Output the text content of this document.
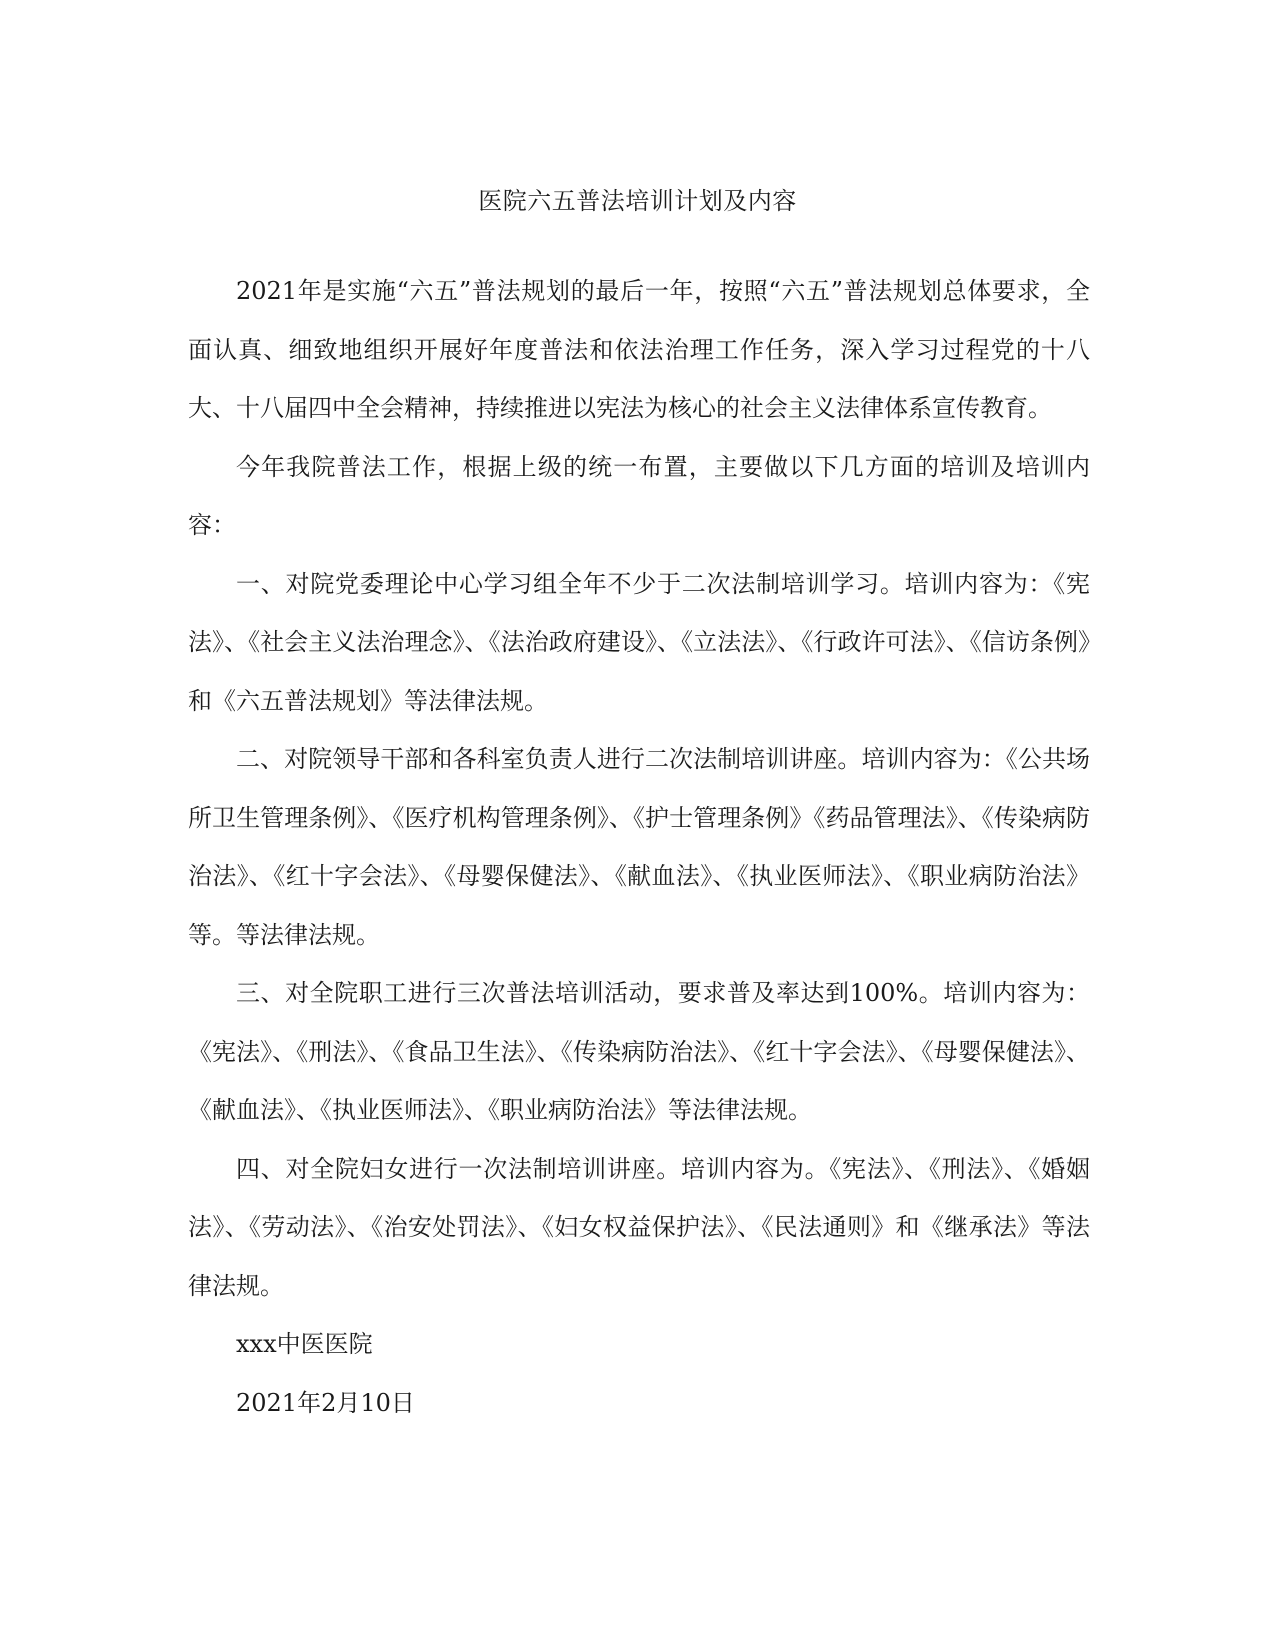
医院六五普法培训计划及内容

2021年是实施“六五”普法规划的最后一年，按照“六五”普法规划总体要求，全面认真、细致地组织开展好年度普法和依法治理工作任务，深入学习过程党的十八大、十八届四中全会精神，持续推进以宪法为核心的社会主义法律体系宣传教育。

今年我院普法工作，根据上级的统一布置，主要做以下几方面的培训及培训内容：

一、对院党委理论中心学习组全年不少于二次法制培训学习。培训内容为：《宪法》、《社会主义法治理念》、《法治政府建设》、《立法法》、《行政许可法》、《信访条例》和《六五普法规划》等法律法规。

二、对院领导干部和各科室负责人进行二次法制培训讲座。培训内容为：《公共场所卫生管理条例》、《医疗机构管理条例》、《护士管理条例》《药品管理法》、《传染病防治法》、《红十字会法》、《母婴保健法》、《献血法》、《执业医师法》、《职业病防治法》等。等法律法规。

三、对全院职工进行三次普法培训活动，要求普及率达到100%。培训内容为：《宪法》、《刑法》、《食品卫生法》、《传染病防治法》、《红十字会法》、《母婴保健法》、《献血法》、《执业医师法》、《职业病防治法》等法律法规。

四、对全院妇女进行一次法制培训讲座。培训内容为。《宪法》、《刑法》、《婚姻法》、《劳动法》、《治安处罚法》、《妇女权益保护法》、《民法通则》和《继承法》等法律法规。

xxx中医医院

2021年2月10日
